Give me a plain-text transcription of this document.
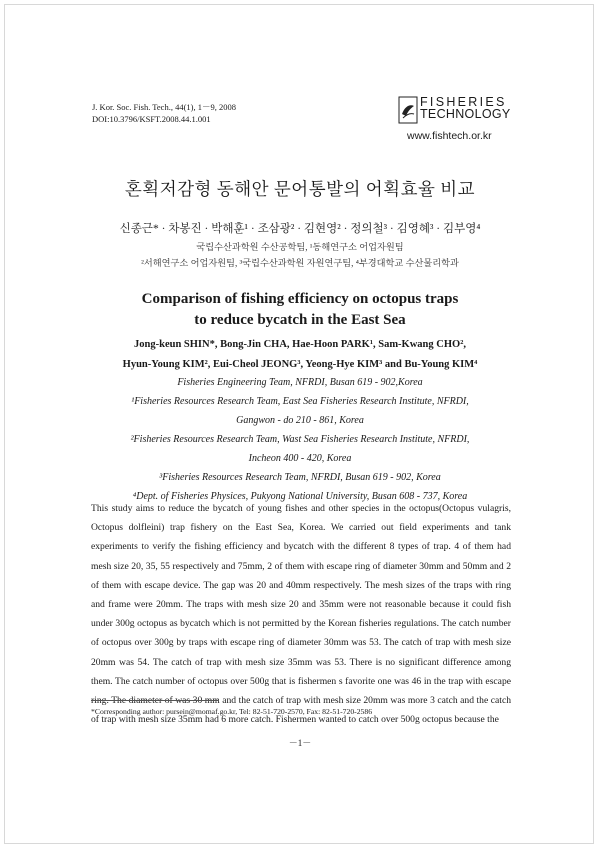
J. Kor. Soc. Fish. Tech., 44(1), 1－9, 2008
DOI:10.3796/KSFT.2008.44.1.001
FISHERIES
TECHNOLOGY
www.fishtech.or.kr
혼획저감형 동해안 문어통발의 어획효율 비교
신종근* · 차봉진 · 박해훈¹ · 조삼광² · 김현영² · 정의철³ · 김영혜³ · 김부영⁴
국립수산과학원 수산공학팀, ¹동해연구소 어업자원팀
²서해연구소 어업자원팀, ³국립수산과학원 자원연구팀, ⁴부경대학교 수산물리학과
Comparison of fishing efficiency on octopus traps
to reduce bycatch in the East Sea
Jong-keun SHIN*, Bong-Jin CHA, Hae-Hoon PARK¹, Sam-Kwang CHO²,
Hyun-Young KIM², Eui-Cheol JEONG³, Yeong-Hye KIM³ and Bu-Young KIM⁴
Fisheries Engineering Team, NFRDI, Busan 619 - 902,Korea
¹Fisheries Resources Research Team, East Sea Fisheries Research Institute, NFRDI,
Gangwon - do 210 - 861, Korea
²Fisheries Resources Research Team, Wast Sea Fisheries Research Institute, NFRDI,
Incheon 400 - 420, Korea
³Fisheries Resources Research Team, NFRDI, Busan 619 - 902, Korea
⁴Dept. of Fisheries Physices, Pukyong National University, Busan 608 - 737, Korea
This study aims to reduce the bycatch of young fishes and other species in the octopus(Octopus vulagris, Octopus dolfleini) trap fishery on the East Sea, Korea. We carried out field experiments and tank experiments to verify the fishing efficiency and bycatch with the different 8 types of trap. 4 of them had mesh size 20, 35, 55 respectively and 75mm, 2 of them with escape ring of diameter 30mm and 50mm and 2 of them with escape device. The gap was 20 and 40mm respectively. The mesh sizes of the traps with ring and frame were 20mm. The traps with mesh size 20 and 35mm were not reasonable because it could fish under 300g octopus as bycatch which is not permitted by the Korean fisheries regulations. The catch number of octopus over 300g by traps with escape ring of diameter 30mm was 53. The catch of trap with mesh size 20mm was 54. The catch of trap with mesh size 35mm was 53. There is no significant difference among them. The catch number of octopus over 500g that is fishermen s favorite one was 46 in the trap with escape ring. The diameter of was 30 mm and the catch of trap with mesh size 20mm was more 3 catch and the catch of trap with mesh size 35mm had 6 more catch. Fishermen wanted to catch over 500g octopus because the
*Corresponding author: pursein@momaf.go.kr, Tel: 82-51-720-2570, Fax: 82-51-720-2586
－1－
